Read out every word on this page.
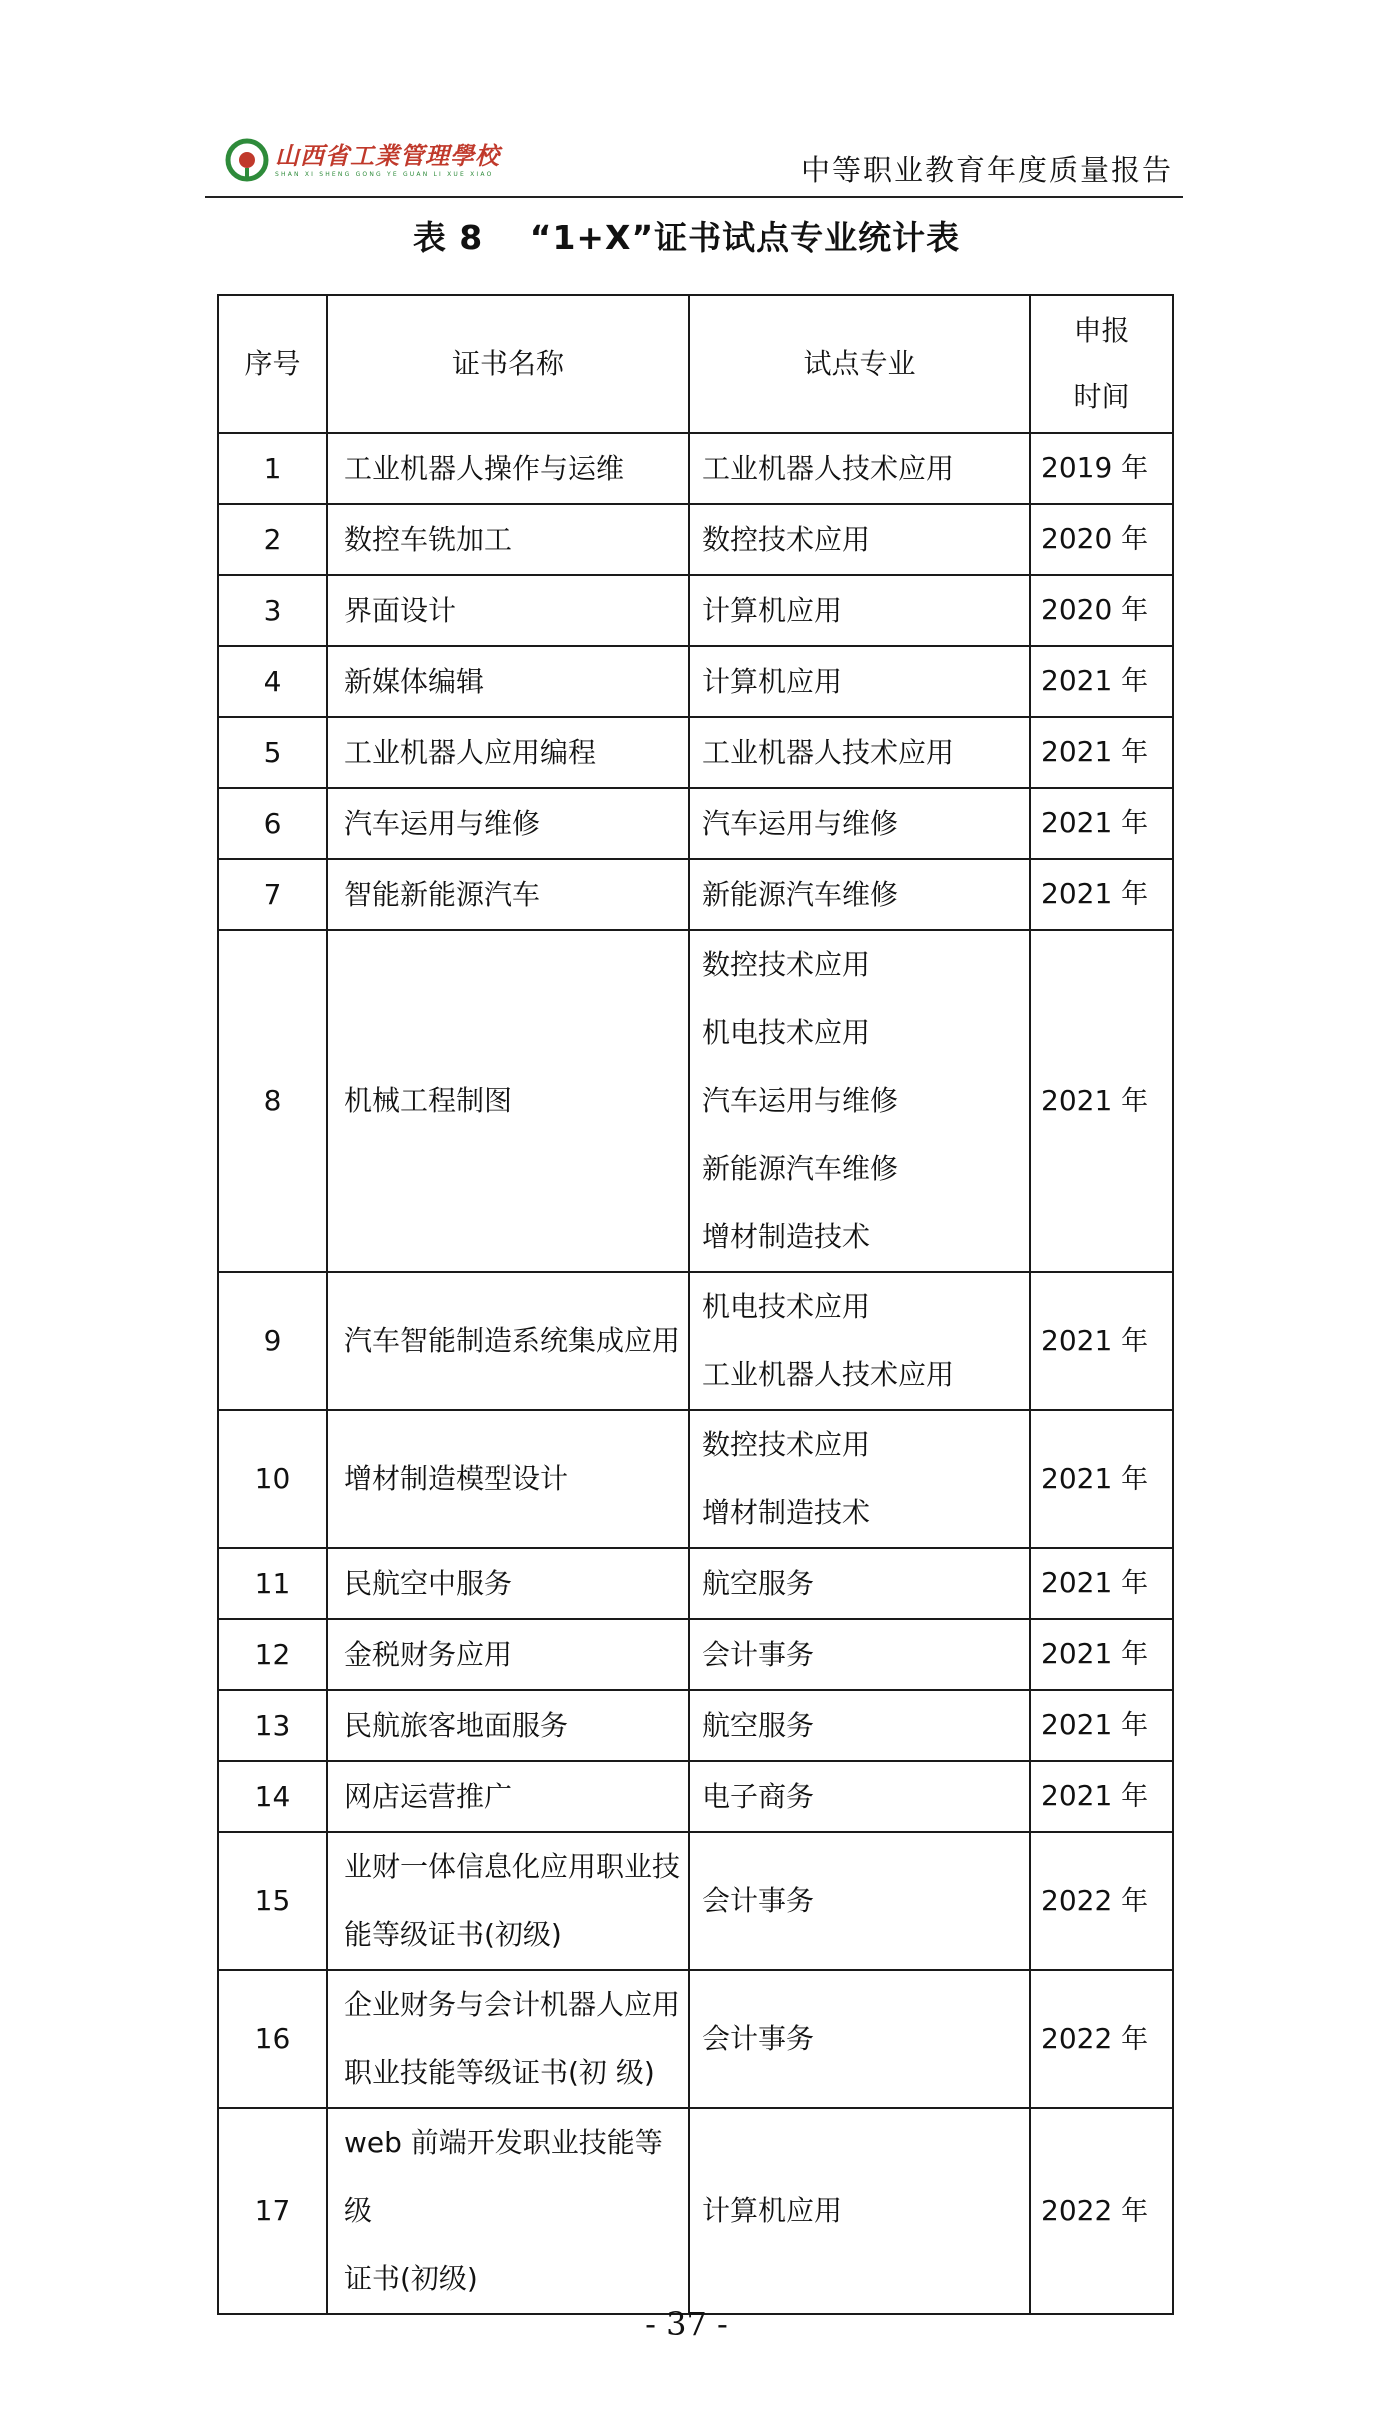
山西省工業管理學校
SHAN XI SHENG GONG YE GUAN LI XUE XIAO	中等职业教育年度质量报告
表 8　 “1+X”证书试点专业统计表
序号	证书名称	试点专业	申报
时间

1	工业机器人操作与运维	工业机器人技术应用	2019 年
2	数控车铣加工	数控技术应用	2020 年
3	界面设计	计算机应用	2020 年
4	新媒体编辑	计算机应用	2021 年
5	工业机器人应用编程	工业机器人技术应用	2021 年
6	汽车运用与维修	汽车运用与维修	2021 年
7	智能新能源汽车	新能源汽车维修	2021 年
8	机械工程制图	数控技术应用
机电技术应用
汽车运用与维修
新能源汽车维修
增材制造技术	2021 年
9	汽车智能制造系统集成应用	机电技术应用
工业机器人技术应用	2021 年
10	增材制造模型设计	数控技术应用
增材制造技术	2021 年
11	民航空中服务	航空服务	2021 年
12	金税财务应用	会计事务	2021 年
13	民航旅客地面服务	航空服务	2021 年
14	网店运营推广	电子商务	2021 年
15	业财一体信息化应用职业技
能等级证书(初级)	会计事务	2022 年
16	企业财务与会计机器人应用
职业技能等级证书(初 级)	会计事务	2022 年
17	web 前端开发职业技能等级
证书(初级)	计算机应用	2022 年
- 37 -
